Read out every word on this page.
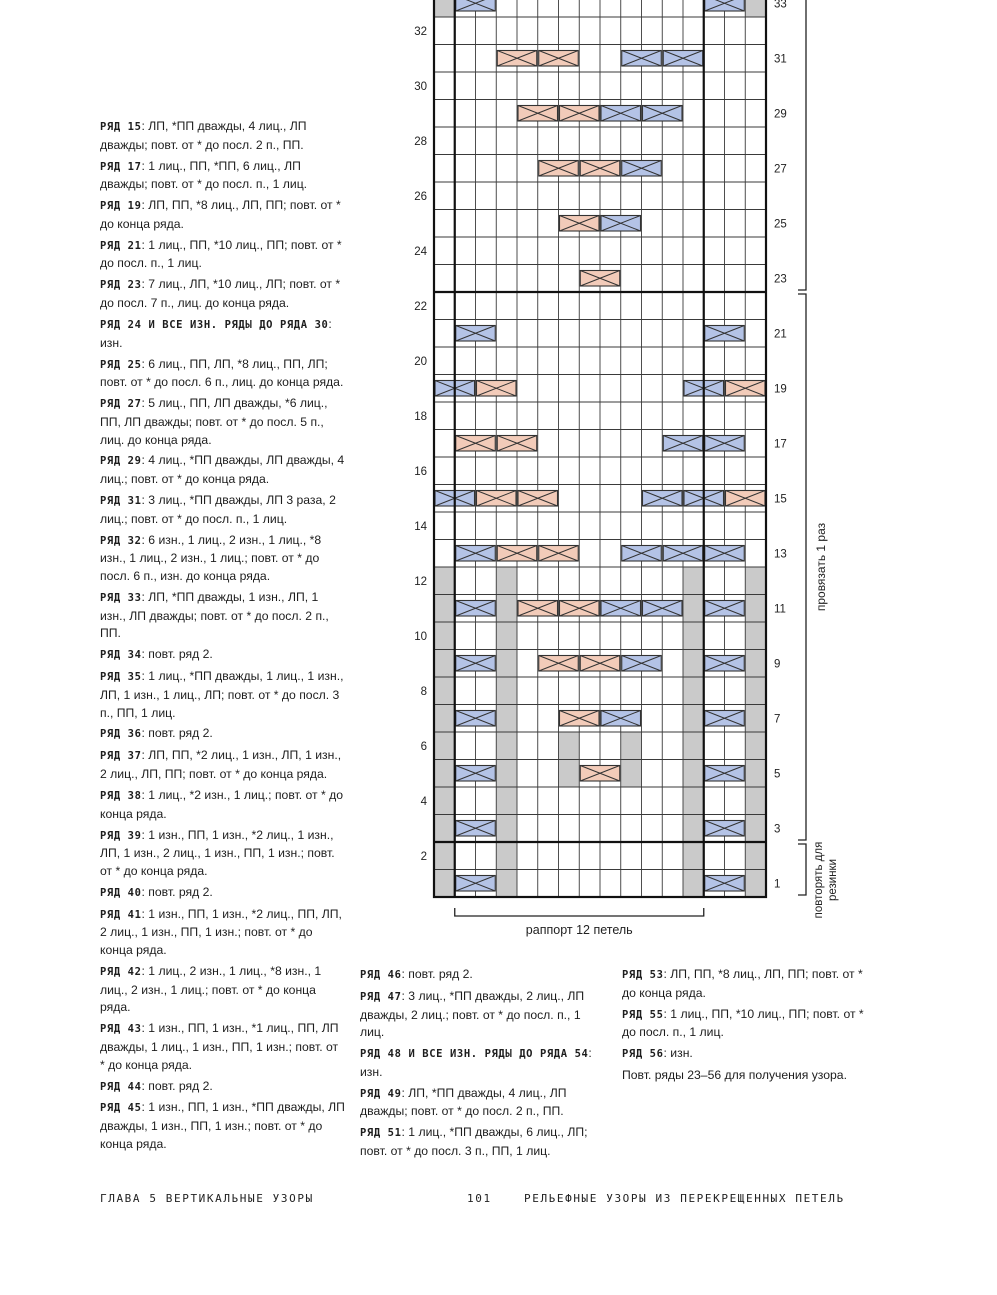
РЯД 15: ЛП, *ПП дважды, 4 лиц., ЛП дважды; повт. от * до посл. 2 п., ПП.

РЯД 17: 1 лиц., ПП, *ПП, 6 лиц., ЛП дважды; повт. от * до посл. п., 1 лиц.

РЯД 19: ЛП, ПП, *8 лиц., ЛП, ПП; повт. от * до конца ряда.

РЯД 21: 1 лиц., ПП, *10 лиц., ПП; повт. от * до посл. п., 1 лиц.

РЯД 23: 7 лиц., ЛП, *10 лиц., ЛП; повт. от * до посл. 7 п., лиц. до конца ряда.

РЯД 24 И ВСЕ ИЗН. РЯДЫ ДО РЯДА 30: изн.

РЯД 25: 6 лиц., ПП, ЛП, *8 лиц., ПП, ЛП; повт. от * до посл. 6 п., лиц. до конца ряда.

РЯД 27: 5 лиц., ПП, ЛП дважды, *6 лиц., ПП, ЛП дважды; повт. от * до посл. 5 п., лиц. до конца ряда.

РЯД 29: 4 лиц., *ПП дважды, ЛП дважды, 4 лиц.; повт. от * до конца ряда.

РЯД 31: 3 лиц., *ПП дважды, ЛП 3 раза, 2 лиц.; повт. от * до посл. п., 1 лиц.

РЯД 32: 6 изн., 1 лиц., 2 изн., 1 лиц., *8 изн., 1 лиц., 2 изн., 1 лиц.; повт. от * до посл. 6 п., изн. до конца ряда.

РЯД 33: ЛП, *ПП дважды, 1 изн., ЛП, 1 изн., ЛП дважды; повт. от * до посл. 2 п., ПП.

РЯД 34: повт. ряд 2.

РЯД 35: 1 лиц., *ПП дважды, 1 лиц., 1 изн., ЛП, 1 изн., 1 лиц., ЛП; повт. от * до посл. 3 п., ПП, 1 лиц.

РЯД 36: повт. ряд 2.

РЯД 37: ЛП, ПП, *2 лиц., 1 изн., ЛП, 1 изн., 2 лиц., ЛП, ПП; повт. от * до конца ряда.

РЯД 38: 1 лиц., *2 изн., 1 лиц.; повт. от * до конца ряда.

РЯД 39: 1 изн., ПП, 1 изн., *2 лиц., 1 изн., ЛП, 1 изн., 2 лиц., 1 изн., ПП, 1 изн.; повт. от * до конца ряда.

РЯД 40: повт. ряд 2.

РЯД 41: 1 изн., ПП, 1 изн., *2 лиц., ПП, ЛП, 2 лиц., 1 изн., ПП, 1 изн.; повт. от * до конца ряда.

РЯД 42: 1 лиц., 2 изн., 1 лиц., *8 изн., 1 лиц., 2 изн., 1 лиц.; повт. от * до конца ряда.

РЯД 43: 1 изн., ПП, 1 изн., *1 лиц., ПП, ЛП дважды, 1 лиц., 1 изн., ПП, 1 изн.; повт. от * до конца ряда.

РЯД 44: повт. ряд 2.

РЯД 45: 1 изн., ПП, 1 изн., *ПП дважды, ЛП дважды, 1 изн., ПП, 1 изн.; повт. от * до конца ряда.

2
4
6
8
10
12
14
16
18
20
22
24
26
28
30
32
1
3
5
7
9
11
13
15
17
19
21
23
25
27
29
31
33
провязать 1 раз
повторять для резинки
раппорт 12 петель

РЯД 46: повт. ряд 2.

РЯД 47: 3 лиц., *ПП дважды, 2 лиц., ЛП дважды, 2 лиц.; повт. от * до посл. п., 1 лиц.

РЯД 48 И ВСЕ ИЗН. РЯДЫ ДО РЯДА 54: изн.

РЯД 49: ЛП, *ПП дважды, 4 лиц., ЛП дважды; повт. от * до посл. 2 п., ПП.

РЯД 51: 1 лиц., *ПП дважды, 6 лиц., ЛП; повт. от * до посл. 3 п., ПП, 1 лиц.

РЯД 53: ЛП, ПП, *8 лиц., ЛП, ПП; повт. от * до конца ряда.

РЯД 55: 1 лиц., ПП, *10 лиц., ПП; повт. от * до посл. п., 1 лиц.

РЯД 56: изн.

Повт. ряды 23–56 для получения узора.

ГЛАВА 5 ВЕРТИКАЛЬНЫЕ УЗОРЫ	101	РЕЛЬЕФНЫЕ УЗОРЫ ИЗ ПЕРЕКРЕЩЕННЫХ ПЕТЕЛЬ
